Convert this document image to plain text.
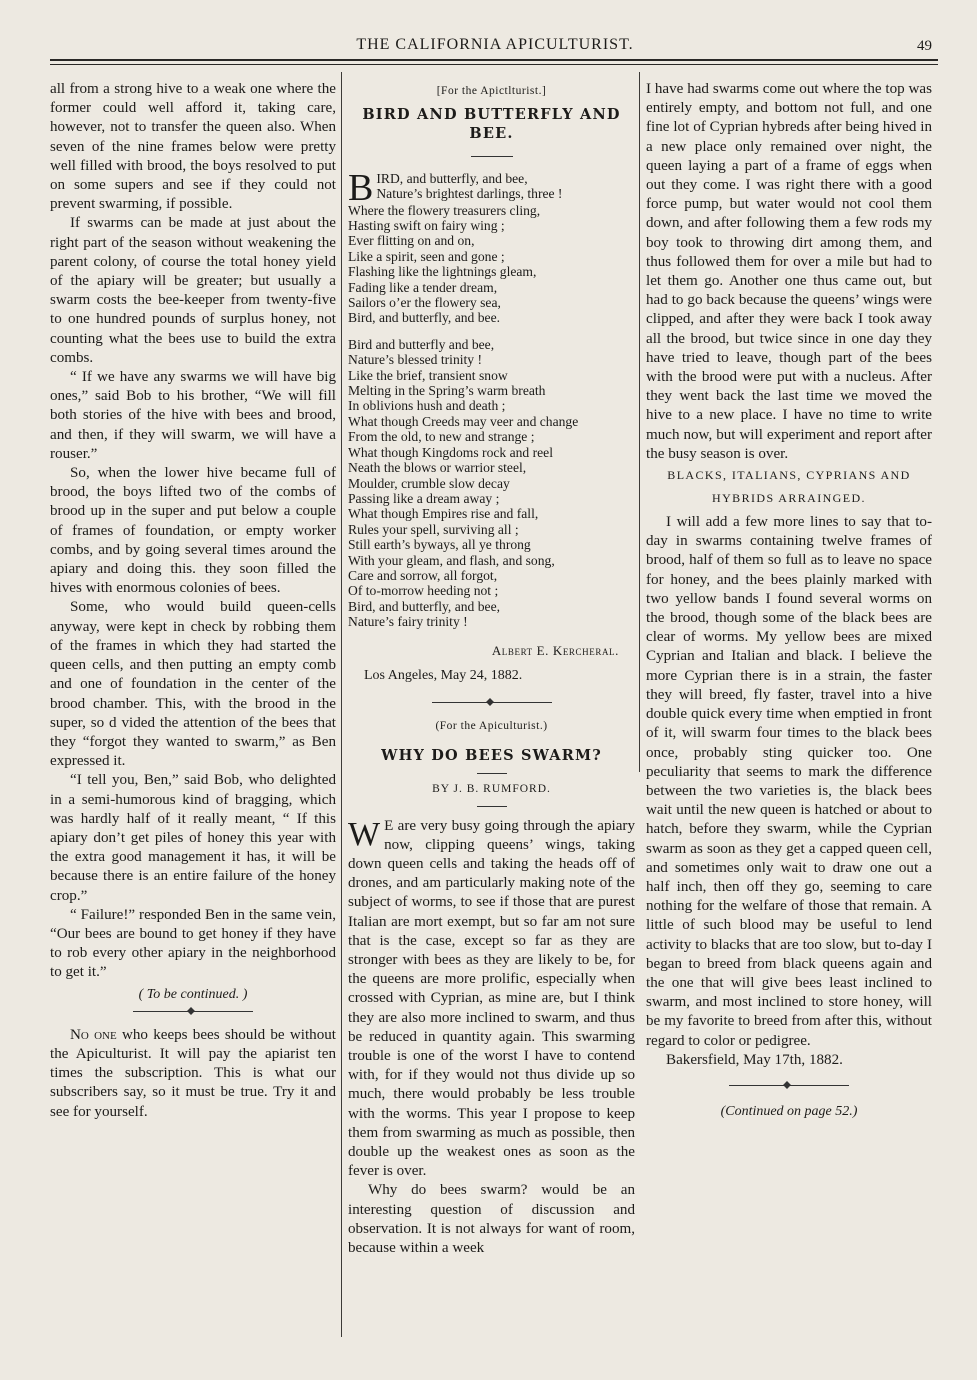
THE CALIFORNIA APICULTURIST.	49

all from a strong hive to a weak one where the former could well afford it, taking care, however, not to transfer the queen also. When seven of the nine frames below were pretty well filled with brood, the boys resolved to put on some supers and see if they could not prevent swarming, if possible.

If swarms can be made at just about the right part of the season without weakening the parent colony, of course the total honey yield of the apiary will be greater; but usually a swarm costs the bee-keeper from twenty-five to one hundred pounds of surplus honey, not counting what the bees use to build the extra combs.

“ If we have any swarms we will have big ones,” said Bob to his brother, “We will fill both stories of the hive with bees and brood, and then, if they will swarm, we will have a rouser.”

So, when the lower hive became full of brood, the boys lifted two of the combs of brood up in the super and put below a couple of frames of foundation, or empty worker combs, and by going several times around the apiary and doing this. they soon filled the hives with enormous colonies of bees.

Some, who would build queen-cells anyway, were kept in check by robbing them of the frames in which they had started the queen cells, and then putting an empty comb and one of foundation in the center of the brood chamber. This, with the brood in the super, so d vided the attention of the bees that they “forgot they wanted to swarm,” as Ben expressed it.

“I tell you, Ben,” said Bob, who delighted in a semi-humorous kind of bragging, which was hardly half of it really meant, “ If this apiary don’t get piles of honey this year with the extra good management it has, it will be because there is an entire failure of the honey crop.”

“ Failure!” responded Ben in the same vein, “Our bees are bound to get honey if they have to rob every other apiary in the neighborhood to get it.”

( To be continued. )

No one who keeps bees should be without the Apiculturist. It will pay the apiarist ten times the subscription. This is what our subscribers say, so it must be true. Try it and see for yourself.

[For the Apictlturist.]
BIRD AND BUTTERFLY AND BEE.
B IRD, and butterfly, and bee,
Nature’s brightest darlings, three !
Where the flowery treasurers cling,
Hasting swift on fairy wing ;
Ever flitting on and on,
Like a spirit, seen and gone ;
Flashing like the lightnings gleam,
Fading like a tender dream,
Sailors o’er the flowery sea,
Bird, and butterfly, and bee.
Bird and butterfly and bee,
Nature’s blessed trinity !
Like the brief, transient snow
Melting in the Spring’s warm breath
In oblivions hush and death ;
What though Creeds may veer and change
From the old, to new and strange ;
What though Kingdoms rock and reel
Neath the blows or warrior steel,
Moulder, crumble slow decay
Passing like a dream away ;
What though Empires rise and fall,
Rules your spell, surviving all ;
Still earth’s byways, all ye throng
With your gleam, and flash, and song,
Care and sorrow, all forgot,
Of to-morrow heeding not ;
Bird, and butterfly, and bee,
Nature’s fairy trinity !
Albert E. Kercheral.
Los Angeles, May 24, 1882.
(For the Apiculturist.)
WHY DO BEES SWARM?
BY J. B. RUMFORD.

W E are very busy going through the apiary now, clipping queens’ wings, taking down queen cells and taking the heads off of drones, and am particularly making note of the subject of worms, to see if those that are purest Italian are mort exempt, but so far am not sure that is the case, except so far as they are stronger with bees as they are likely to be, for the queens are more prolific, especially when crossed with Cyprian, as mine are, but I think they are also more inclined to swarm, and thus be reduced in quantity again. This swarming trouble is one of the worst I have to contend with, for if they would not thus divide up so much, there would probably be less trouble with the worms. This year I propose to keep them from swarming as much as possible, then double up the weakest ones as soon as the fever is over.

Why do bees swarm? would be an interesting question of discussion and observation. It is not always for want of room, because within a week

I have had swarms come out where the top was entirely empty, and bottom not full, and one fine lot of Cyprian hybreds after being hived in a new place only remained over night, the queen laying a part of a frame of eggs when out they come. I was right there with a good force pump, but water would not cool them down, and after following them a few rods my boy took to throwing dirt among them, and thus followed them for over a mile but had to let them go. Another one thus came out, but had to go back because the queens’ wings were clipped, and after they were back I took away all the brood, but twice since in one day they have tried to leave, though part of the bees with the brood were put with a nucleus. After they went back the last time we moved the hive to a new place. I have no time to write much now, but will experiment and report after the busy season is over.

BLACKS, ITALIANS, CYPRIANS AND HYBRIDS ARRAINGED.

I will add a few more lines to say that to-day in swarms containing twelve frames of brood, half of them so full as to leave no space for honey, and the bees plainly marked with two yellow bands I found several worms on the brood, though some of the black bees are clear of worms. My yellow bees are mixed Cyprian and Italian and black. I believe the more Cyprian there is in a strain, the faster they will breed, fly faster, travel into a hive double quick every time when emptied in front of it, will swarm four times to the black bees once, probably sting quicker too. One peculiarity that seems to mark the difference between the two varieties is, the black bees wait until the new queen is hatched or about to hatch, before they swarm, while the Cyprian swarm as soon as they get a capped queen cell, and sometimes only wait to draw one out a half inch, then off they go, seeming to care nothing for the welfare of those that remain. A little of such blood may be useful to lend activity to blacks that are too slow, but to-day I began to breed from black queens again and the one that will give bees least inclined to swarm, and most inclined to store honey, will be my favorite to breed from after this, without regard to color or pedigree.

Bakersfield, May 17th, 1882.

(Continued on page 52.)
